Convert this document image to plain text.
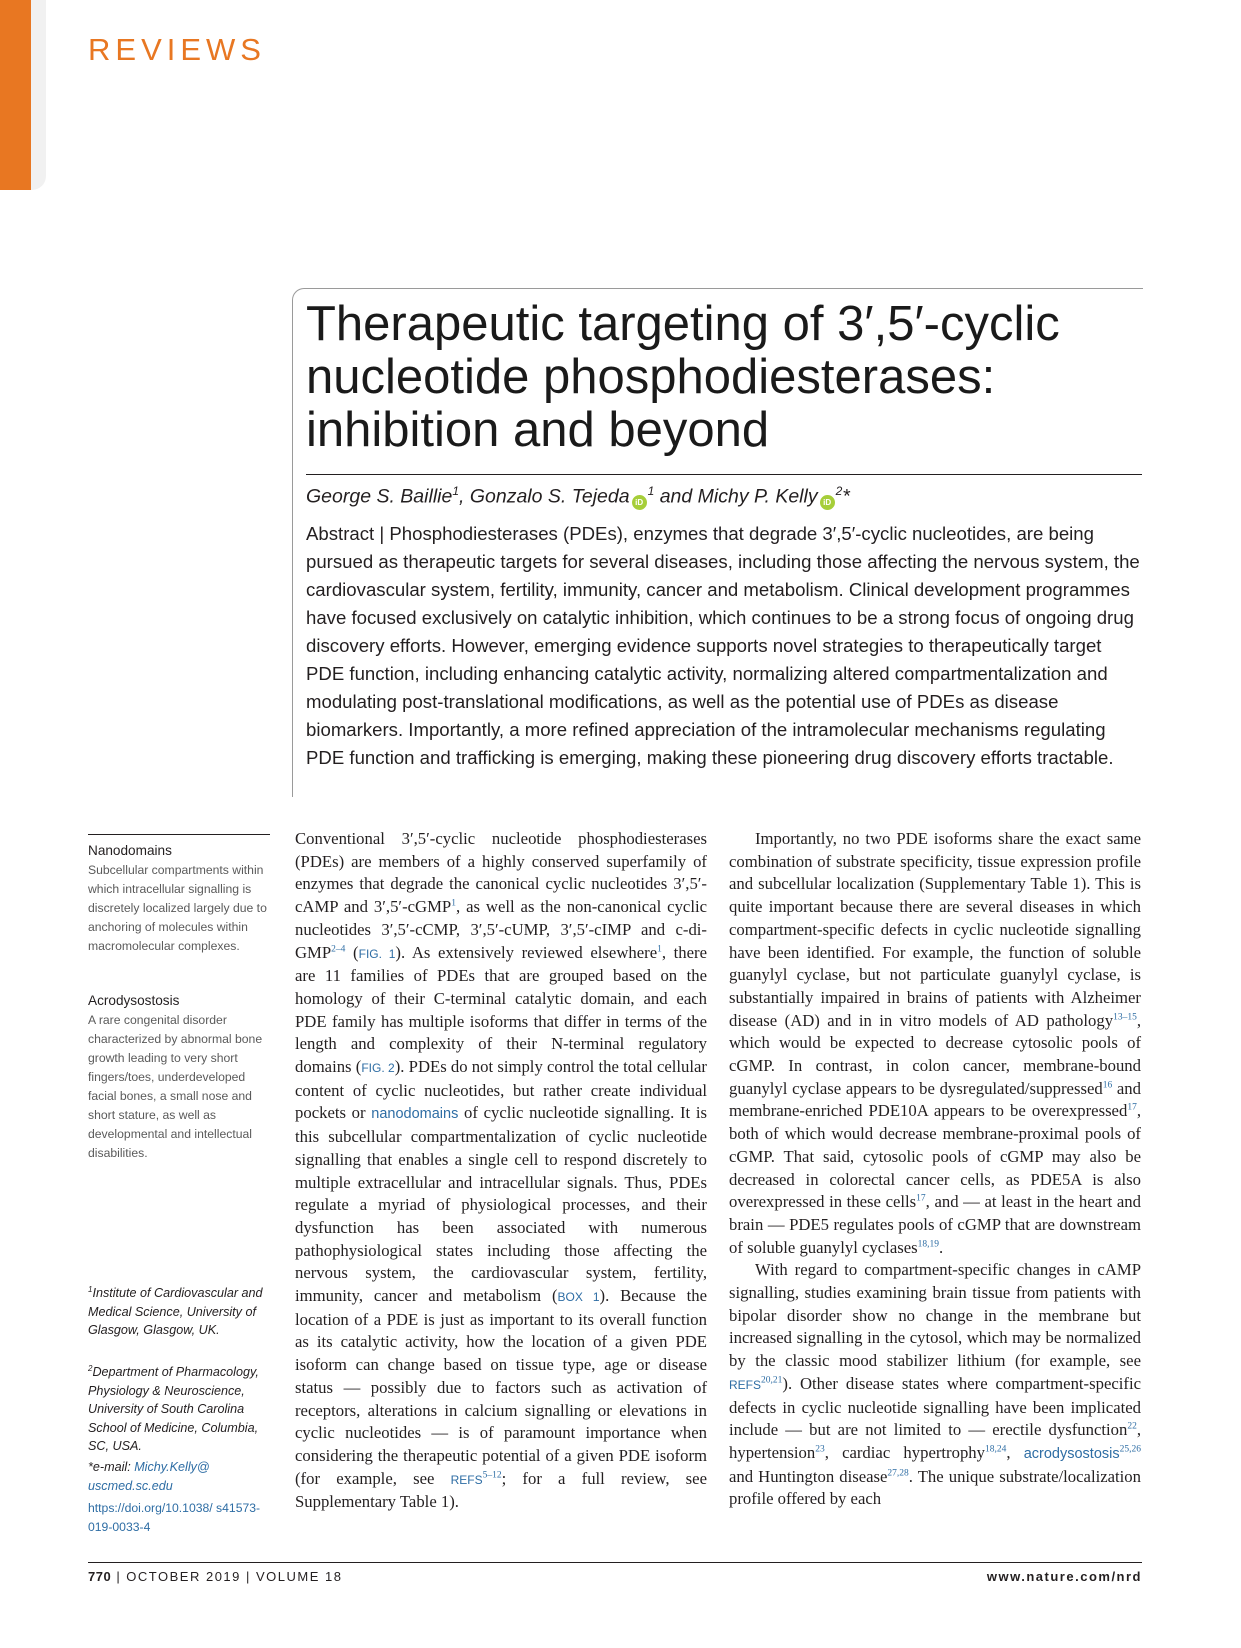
REVIEWS
Therapeutic targeting of 3′,5′-cyclic nucleotide phosphodiesterases: inhibition and beyond
George S. Baillie$^1$, Gonzalo S. Tejeda $iD^1$ and Michy P. Kelly $iD^2*$

Abstract | Phosphodiesterases (PDEs), enzymes that degrade 3′,5′-cyclic nucleotides, are being pursued as therapeutic targets for several diseases, including those affecting the nervous system, the cardiovascular system, fertility, immunity, cancer and metabolism. Clinical development programmes have focused exclusively on catalytic inhibition, which continues to be a strong focus of ongoing drug discovery efforts. However, emerging evidence supports novel strategies to therapeutically target PDE function, including enhancing catalytic activity, normalizing altered compartmentalization and modulating post-translational modifications, as well as the potential use of PDEs as disease biomarkers. Importantly, a more refined appreciation of the intramolecular mechanisms regulating PDE function and trafficking is emerging, making these pioneering drug discovery efforts tractable.

Nanodomains

Subcellular compartments within which intracellular signalling is discretely localized largely due to anchoring of molecules within macromolecular complexes.

Acrodysostosis

A rare congenital disorder characterized by abnormal bone growth leading to very short fingers/toes, underdeveloped facial bones, a small nose and short stature, as well as developmental and intellectual disabilities.

$^1$Institute of Cardiovascular and Medical Science, University of Glasgow, Glasgow, UK.

$^2$Department of Pharmacology, Physiology & Neuroscience, University of South Carolina School of Medicine, Columbia, SC, USA.

*e-mail: Michy.Kelly@ uscmed.sc.edu

https://doi.org/10.1038/ s41573-019-0033-4

Conventional 3′,5′-cyclic nucleotide phosphodiesterases (PDEs) are members of a highly conserved superfamily of enzymes that degrade the canonical cyclic nucleotides 3′,5′-cAMP and 3′,5′-cGMP$^1$, as well as the non-canonical cyclic nucleotides 3′,5′-cCMP, 3′,5′-cUMP, 3′,5′-cIMP and c-di-GMP$^{2-4}$ (FIG. 1). As extensively reviewed elsewhere$^1$, there are 11 families of PDEs that are grouped based on the homology of their C-terminal catalytic domain, and each PDE family has multiple isoforms that differ in terms of the length and complexity of their N-terminal regulatory domains (FIG. 2). PDEs do not simply control the total cellular content of cyclic nucleotides, but rather create individual pockets or nanodomains of cyclic nucleotide signalling. It is this subcellular compartmentalization of cyclic nucleotide signalling that enables a single cell to respond discretely to multiple extracellular and intracellular signals. Thus, PDEs regulate a myriad of physiological processes, and their dysfunction has been associated with numerous pathophysiological states including those affecting the nervous system, the cardiovascular system, fertility, immunity, cancer and metabolism (BOX 1). Because the location of a PDE is just as important to its overall function as its catalytic activity, how the location of a given PDE isoform can change based on tissue type, age or disease status — possibly due to factors such as activation of receptors, alterations in calcium signalling or elevations in cyclic nucleotides — is of paramount importance when considering the therapeutic potential of a given PDE isoform (for example, see REFS$^{5-12}$; for a full review, see Supplementary Table 1).

Importantly, no two PDE isoforms share the exact same combination of substrate specificity, tissue expression profile and subcellular localization (Supplementary Table 1). This is quite important because there are several diseases in which compartment-specific defects in cyclic nucleotide signalling have been identified. For example, the function of soluble guanylyl cyclase, but not particulate guanylyl cyclase, is substantially impaired in brains of patients with Alzheimer disease (AD) and in in vitro models of AD pathology$^{13-15}$, which would be expected to decrease cytosolic pools of cGMP. In contrast, in colon cancer, membrane-bound guanylyl cyclase appears to be dysregulated/suppressed$^{16}$ and membrane-enriched PDE10A appears to be overexpressed$^{17}$, both of which would decrease membrane-proximal pools of cGMP. That said, cytosolic pools of cGMP may also be decreased in colorectal cancer cells, as PDE5A is also overexpressed in these cells$^{17}$, and — at least in the heart and brain — PDE5 regulates pools of cGMP that are downstream of soluble guanylyl cyclases$^{18,19}$.

With regard to compartment-specific changes in cAMP signalling, studies examining brain tissue from patients with bipolar disorder show no change in the membrane but increased signalling in the cytosol, which may be normalized by the classic mood stabilizer lithium (for example, see REFS$^{20,21}$). Other disease states where compartment-specific defects in cyclic nucleotide signalling have been implicated include — but are not limited to — erectile dysfunction$^{22}$, hypertension$^{23}$, cardiac hypertrophy$^{18,24}$, acrodysostosis$^{25,26}$ and Huntington disease$^{27,28}$. The unique substrate/localization profile offered by each

770 | OCTOBER 2019 | VOLUME 18	www.nature.com/nrd
